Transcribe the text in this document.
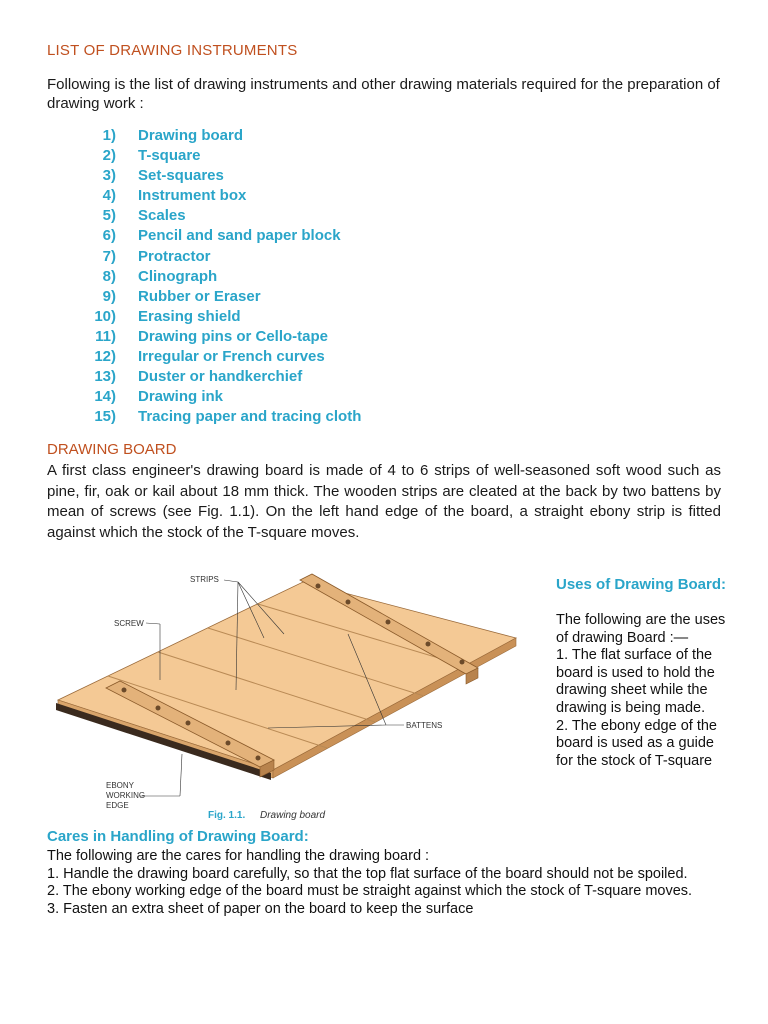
LIST OF DRAWING INSTRUMENTS
Following is the list of drawing instruments and other drawing materials required for the preparation of drawing work :
1) Drawing board
2) T-square
3) Set-squares
4) Instrument box
5) Scales
6) Pencil and sand paper block
7) Protractor
8) Clinograph
9) Rubber or Eraser
10) Erasing shield
11) Drawing pins or Cello-tape
12) Irregular or French curves
13) Duster or handkerchief
14) Drawing ink
15) Tracing paper and tracing cloth
DRAWING BOARD
A first class engineer's drawing board is made of 4 to 6 strips of well-seasoned soft wood such as pine, fir, oak or kail about 18 mm thick. The wooden strips are cleated at the back by two battens by mean of screws (see Fig. 1.1). On the left hand edge of the board, a straight ebony strip is fitted against which the stock of the T-square moves.
STRIPS
SCREW
BATTENS
EBONY
WORKING
EDGE
Fig. 1.1. Drawing board
Uses of Drawing Board:
The following are the uses of drawing Board :—
1. The flat surface of the board is used to hold the drawing sheet while the drawing is being made.
2. The ebony edge of the board is used as a guide for the stock of T-square
Cares in Handling of Drawing Board:
The following are the cares for handling the drawing board :
1. Handle the drawing board carefully, so that the top flat surface of the board should not be spoiled.
2. The ebony working edge of the board must be straight against which the stock of T-square moves.
3. Fasten an extra sheet of paper on the board to keep the surface
